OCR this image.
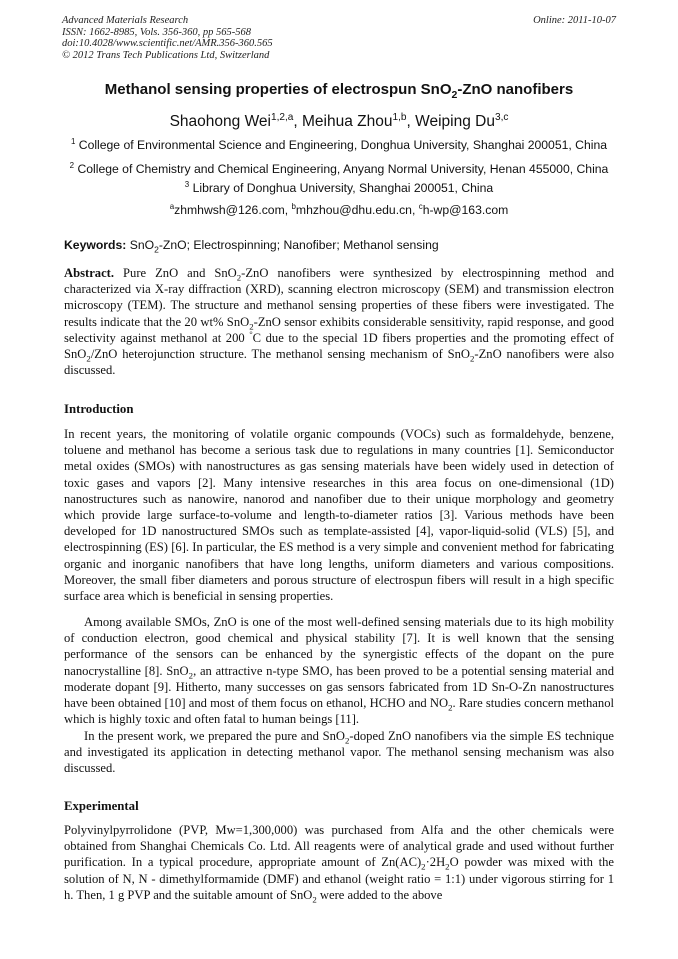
Advanced Materials Research
ISSN: 1662-8985, Vols. 356-360, pp 565-568
doi:10.4028/www.scientific.net/AMR.356-360.565
© 2012 Trans Tech Publications Ltd, Switzerland
Online: 2011-10-07
Methanol sensing properties of electrospun SnO$_2$-ZnO nanofibers
Shaohong Wei$^{1,2,a}$, Meihua Zhou$^{1,b}$, Weiping Du$^{3,c}$
$^1$ College of Environmental Science and Engineering, Donghua University, Shanghai 200051, China
$^2$ College of Chemistry and Chemical Engineering, Anyang Normal University, Henan 455000, China
$^3$ Library of Donghua University, Shanghai 200051, China
$^a$zhmhwsh@126.com, $^b$mhzhou@dhu.edu.cn, $^c$h-wp@163.com
Keywords: SnO$_2$-ZnO; Electrospinning; Nanofiber; Methanol sensing
Abstract. Pure ZnO and SnO$_2$-ZnO nanofibers were synthesized by electrospinning method and characterized via X-ray diffraction (XRD), scanning electron microscopy (SEM) and transmission electron microscopy (TEM). The structure and methanol sensing properties of these fibers were investigated. The results indicate that the 20 wt% SnO$_2$-ZnO sensor exhibits considerable sensitivity, rapid response, and good selectivity against methanol at 200 °C due to the special 1D fibers properties and the promoting effect of SnO$_2$/ZnO heterojunction structure. The methanol sensing mechanism of SnO$_2$-ZnO nanofibers were also discussed.
Introduction
In recent years, the monitoring of volatile organic compounds (VOCs) such as formaldehyde, benzene, toluene and methanol has become a serious task due to regulations in many countries [1]. Semiconductor metal oxides (SMOs) with nanostructures as gas sensing materials have been widely used in detection of toxic gases and vapors [2]. Many intensive researches in this area focus on one-dimensional (1D) nanostructures such as nanowire, nanorod and nanofiber due to their unique morphology and geometry which provide large surface-to-volume and length-to-diameter ratios [3]. Various methods have been developed for 1D nanostructured SMOs such as template-assisted [4], vapor-liquid-solid (VLS) [5], and electrospinning (ES) [6]. In particular, the ES method is a very simple and convenient method for fabricating organic and inorganic nanofibers that have long lengths, uniform diameters and various compositions. Moreover, the small fiber diameters and porous structure of electrospun fibers will result in a high specific surface area which is beneficial in sensing properties.
Among available SMOs, ZnO is one of the most well-defined sensing materials due to its high mobility of conduction electron, good chemical and physical stability [7]. It is well known that the sensing performance of the sensors can be enhanced by the synergistic effects of the dopant on the pure nanocrystalline [8]. SnO$_2$, an attractive n-type SMO, has been proved to be a potential sensing material and moderate dopant [9]. Hitherto, many successes on gas sensors fabricated from 1D Sn-O-Zn nanostructures have been obtained [10] and most of them focus on ethanol, HCHO and $NO_2$. Rare studies concern methanol which is highly toxic and often fatal to human beings [11].
In the present work, we prepared the pure and SnO$_2$-doped ZnO nanofibers via the simple ES technique and investigated its application in detecting methanol vapor. The methanol sensing mechanism was also discussed.
Experimental
Polyvinylpyrrolidone (PVP, Mw=1,300,000) was purchased from Alfa and the other chemicals were obtained from Shanghai Chemicals Co. Ltd. All reagents were of analytical grade and used without further purification. In a typical procedure, appropriate amount of $Zn(AC)_2\cdot 2H_2O$ powder was mixed with the solution of N, N - dimethylformamide (DMF) and ethanol (weight ratio = 1:1) under vigorous stirring for 1 h. Then, 1 g PVP and the suitable amount of SnO$_2$ were added to the above
